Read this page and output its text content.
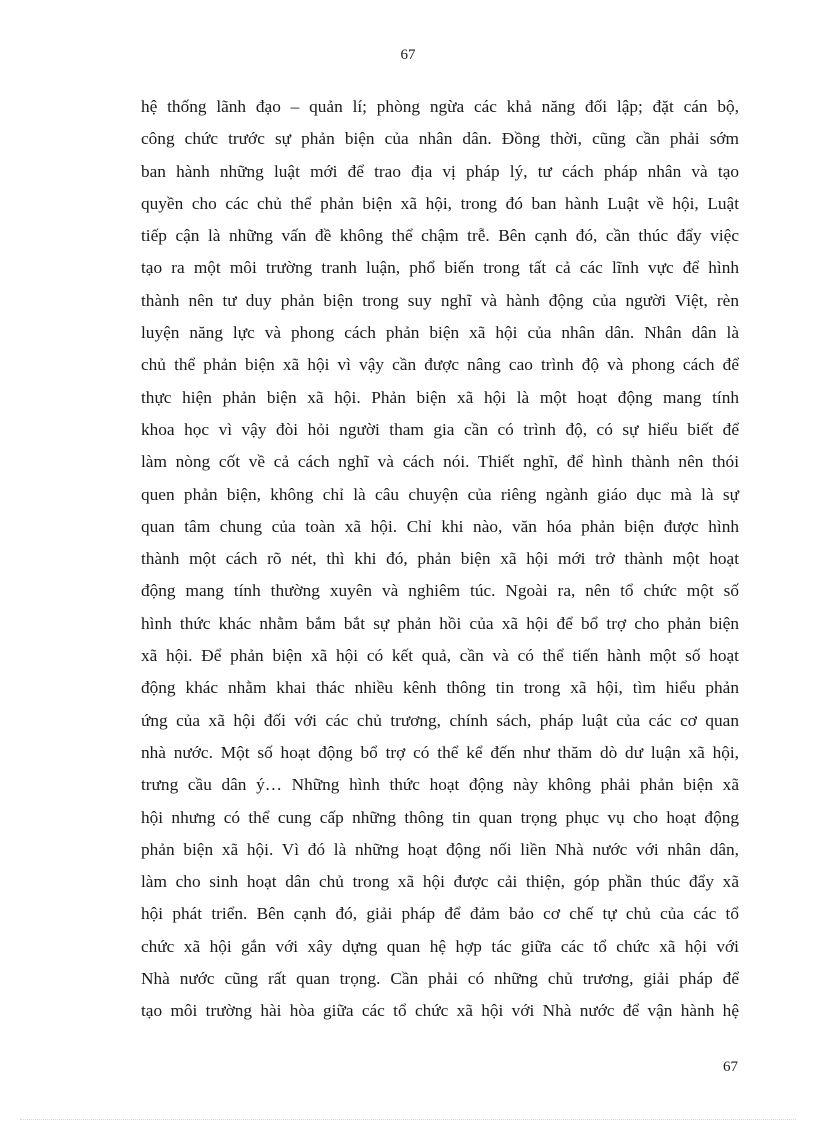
67
hệ thống lãnh đạo – quản lí; phòng ngừa các khả năng đối lập; đặt cán bộ,
công chức trước sự phản biện của nhân dân. Đồng thời, cũng cần phải sớm
ban hành những luật mới để trao địa vị pháp lý, tư cách pháp nhân và tạo
quyền cho các chủ thể phản biện xã hội, trong đó ban hành Luật về hội, Luật
tiếp cận là những vấn đề không thể chậm trễ. Bên cạnh đó, cần thúc đẩy việc
tạo ra một môi trường tranh luận, phổ biến trong tất cả các lĩnh vực để hình
thành nên tư duy phản biện trong suy nghĩ và hành động của người Việt, rèn
luyện năng lực và phong cách phản biện xã hội của nhân dân. Nhân dân là
chủ thể phản biện xã hội vì vậy cần được nâng cao trình độ và phong cách để
thực hiện phản biện xã hội. Phản biện xã hội là một hoạt động mang tính
khoa học vì vậy đòi hỏi người tham gia cần có trình độ, có sự hiểu biết để
làm nòng cốt về cả cách nghĩ và cách nói. Thiết nghĩ, để hình thành nên thói
quen phản biện, không chỉ là câu chuyện của riêng ngành giáo dục mà là sự
quan tâm chung của toàn xã hội. Chỉ khi nào, văn hóa phản biện được hình
thành một cách rõ nét, thì khi đó, phản biện xã hội mới trở thành một hoạt
động mang tính thường xuyên và nghiêm túc. Ngoài ra, nên tổ chức một số
hình thức khác nhằm bắm bắt sự phản hồi của xã hội để bổ trợ cho phản biện
xã hội. Để phản biện xã hội có kết quả, cần và có thể tiến hành một số hoạt
động khác nhằm khai thác nhiều kênh thông tin trong xã hội, tìm hiểu phản
ứng của xã hội đối với các chủ trương, chính sách, pháp luật của các cơ quan
nhà nước. Một số hoạt động bổ trợ có thể kể đến như thăm dò dư luận xã hội,
trưng cầu dân ý… Những hình thức hoạt động này không phải phản biện xã
hội nhưng có thể cung cấp những thông tin quan trọng phục vụ cho hoạt động
phản biện xã hội. Vì đó là những hoạt động nối liền Nhà nước với nhân dân,
làm cho sinh hoạt dân chủ trong xã hội được cải thiện, góp phần thúc đẩy xã
hội phát triển. Bên cạnh đó, giải pháp để đảm bảo cơ chế tự chủ của các tổ
chức xã hội gắn với xây dựng quan hệ hợp tác giữa các tổ chức xã hội với
Nhà nước cũng rất quan trọng. Cần phải có những chủ trương, giải pháp để
tạo môi trường hài hòa giữa các tổ chức xã hội với Nhà nước để vận hành hệ
67
